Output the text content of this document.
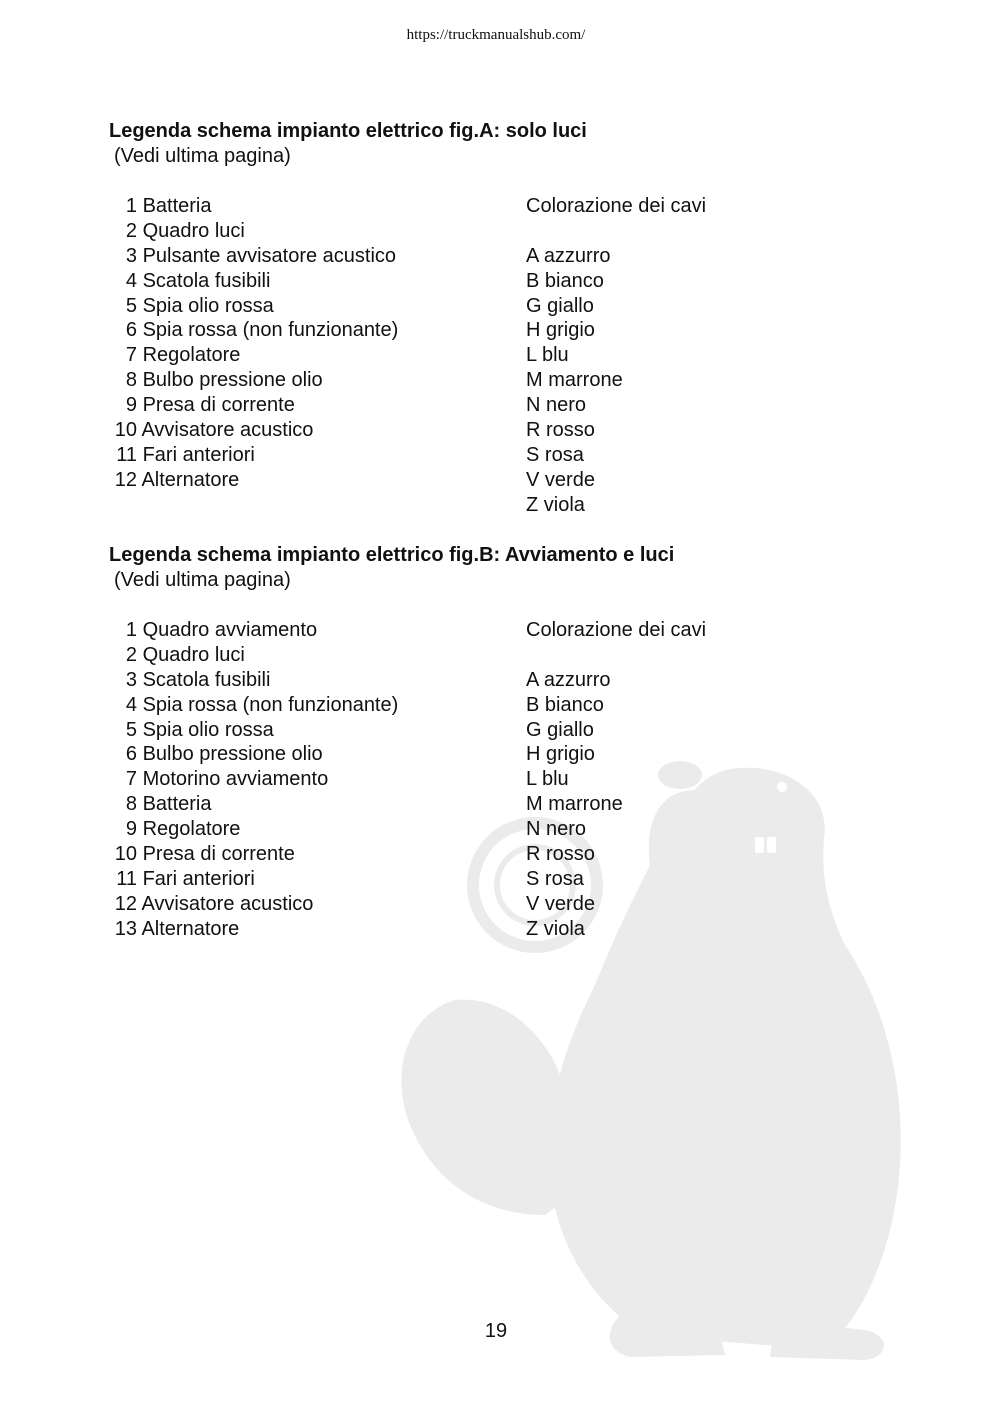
https://truckmanualshub.com/
Legenda schema impianto elettrico fig.A: solo luci
(Vedi ultima pagina)
1 Batteria
2 Quadro luci
3 Pulsante avvisatore acustico
4 Scatola fusibili
5 Spia olio rossa
6 Spia rossa (non funzionante)
7 Regolatore
8 Bulbo pressione olio
9 Presa di corrente
10 Avvisatore acustico
11 Fari anteriori
12 Alternatore
Colorazione dei cavi
A azzurro
B bianco
G giallo
H grigio
L blu
M marrone
N nero
R rosso
S rosa
V verde
Z viola
Legenda schema impianto elettrico fig.B: Avviamento e luci
(Vedi ultima pagina)
1 Quadro avviamento
2 Quadro luci
3 Scatola fusibili
4 Spia rossa (non funzionante)
5 Spia olio rossa
6 Bulbo pressione olio
7 Motorino avviamento
8 Batteria
9 Regolatore
10 Presa di corrente
11 Fari anteriori
12 Avvisatore acustico
13 Alternatore
Colorazione dei cavi
A azzurro
B bianco
G giallo
H grigio
L blu
M marrone
N nero
R rosso
S rosa
V verde
Z viola
19
